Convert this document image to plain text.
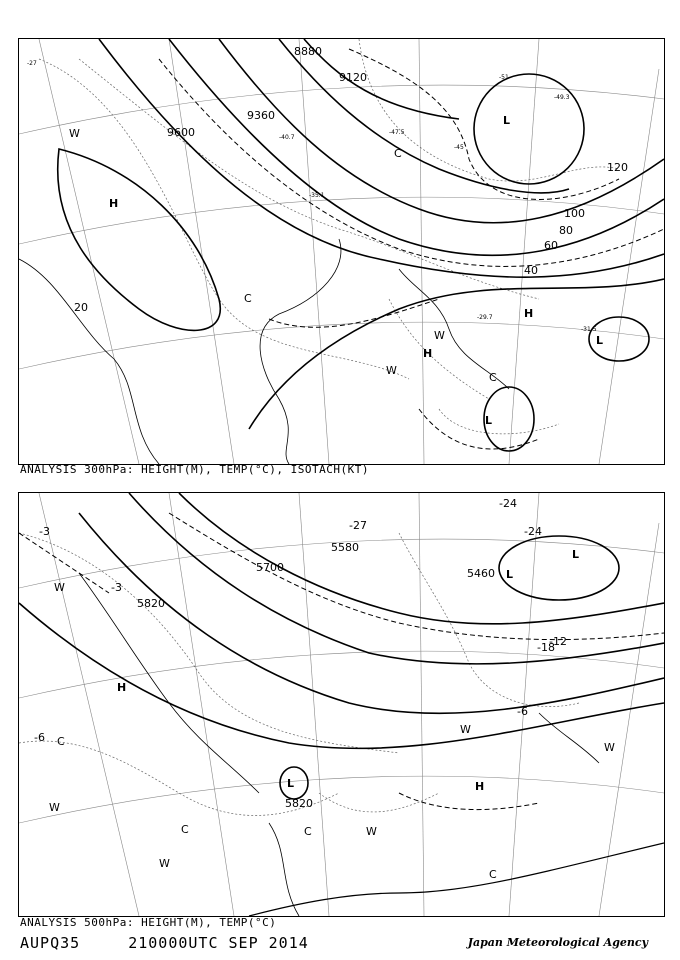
8880
9120
9360
9600
20
40
60
80
100
120
-27
-29.7
-31.5
-35.1
-40.7
-45
-47.5
-49.3
-51
H
H
H
L
L
L
C
C
C
W
W
W
ANALYSIS 300hPa: HEIGHT(M), TEMP(°C), ISOTACH(KT)
5460
5580
5700
5820
5820
-3
-3
-6
-6
-12
-18
-24
-24
-27
H
H
L
L
L
C
C	C
C
W
W
W
W
W
W
ANALYSIS 500hPa: HEIGHT(M), TEMP(°C)
AUPQ35	210000UTC SEP 2014	Japan Meteorological Agency
